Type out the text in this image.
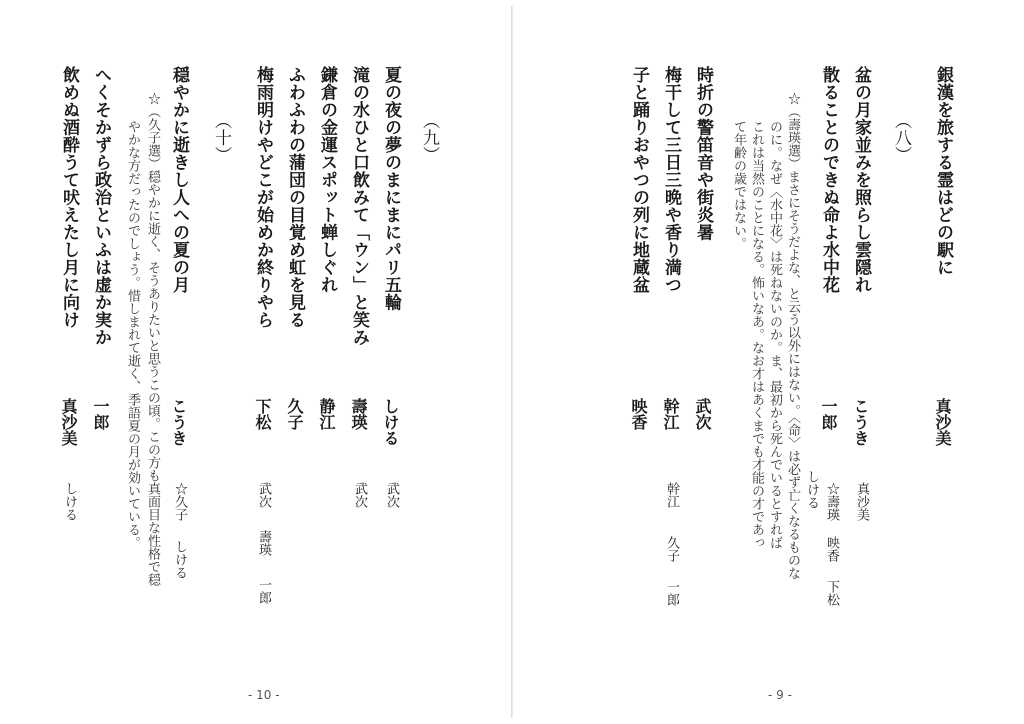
（九）
夏の夜の夢のまにまにパリ五輪
しける
武次
滝の水ひと口飲みて「ウン」と笑み
壽瑛
武次
鎌倉の金運スポット蝉しぐれ
静江
ふわふわの蒲団の目覚め虹を見る
久子
梅雨明けやどこが始めか終りやら
下松
武次
壽瑛
一郎
（十）
穏やかに逝きし人への夏の月
こうき
☆久子
しける
☆（久子選）穏やかに逝く、そうありたいと思うこの頃。この方も真面目な性格で穏
やかな方だったのでしょう。惜しまれて逝く、季語夏の月が効いている。
へくそかずら政治といふは虚か実か
一郎
飲めぬ酒酔うて吠えたし月に向け
真沙美
しける
- 10 -
銀漢を旅する霊はどの駅に
真沙美
（八）
盆の月家並みを照らし雲隠れ
こうき
真沙美
散ることのできぬ命よ水中花
一郎
☆壽瑛
映香
下松
しける
☆（壽瑛選）まさにそうだよな、と云う以外にはない。〈命〉は必ず亡くなるものな
のに。なぜ〈水中花〉は死ねないのか。ま、最初から死んでいるとすれば
これは当然のことになる。怖いなあ。なお才はあくまでも才能の才であっ
て年齢の歳ではない。
時折の警笛音や街炎暑
武次
梅干して三日三晩や香り満つ
幹江
幹江
久子
一郎
子と踊りおやつの列に地蔵盆
映香
- 9 -
